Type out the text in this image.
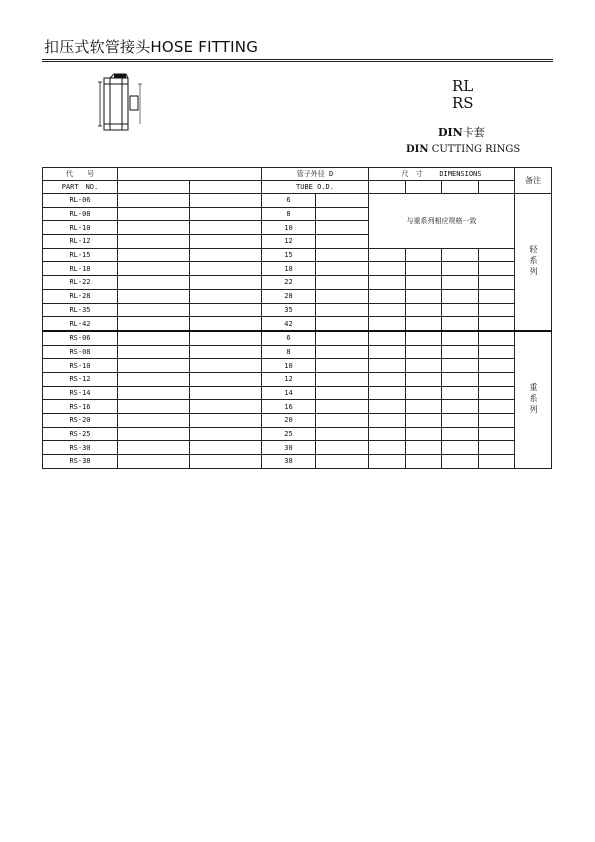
扣压式软管接头HOSE FITTING
RL
RS
DIN卡套
DIN CUTTING RINGS
代　　号			管子外径 D		尺　寸 DIMENSIONS				备注
PART　NO.			TUBE O.D.						
RL-06			6		与重系列相应规格一致				轻系列
RL-08			8						
RL-10			10						
RL-12			12						
RL-15			15						
RL-18			18						
RL-22			22						
RL-28			28						
RL-35			35						
RL-42			42						
RS-06			6						重系列
RS-08			8						
RS-10			10						
RS-12			12						
RS-14			14						
RS-16			16						
RS-20			20						
RS-25			25						
RS-30			30						
RS-38			38						
